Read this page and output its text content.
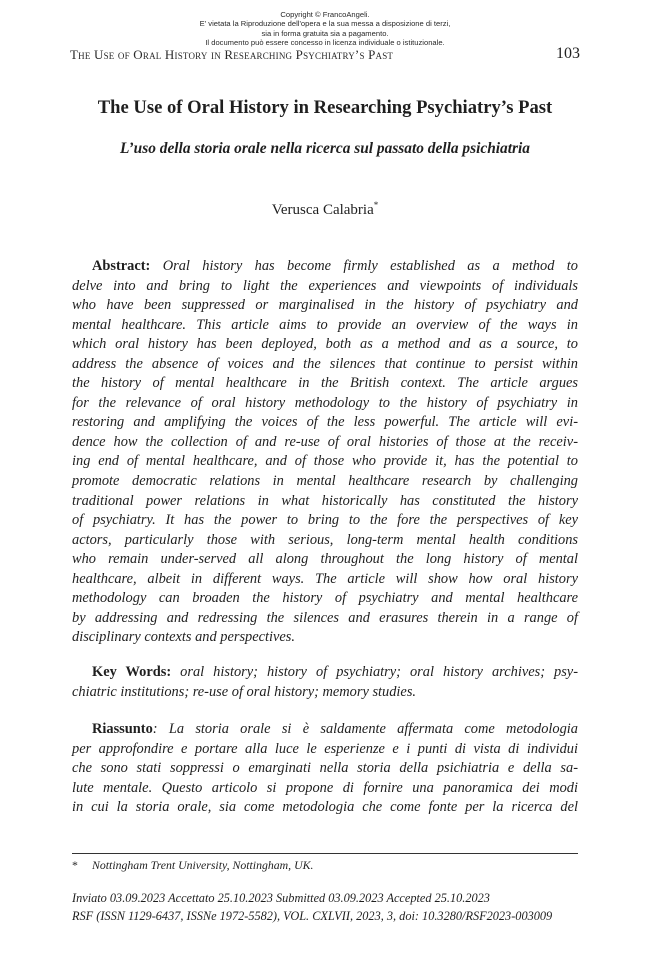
Copyright © FrancoAngeli.
E' vietata la Riproduzione dell'opera e la sua messa a disposizione di terzi,
sia in forma gratuita sia a pagamento.
Il documento può essere concesso in licenza individuale o istituzionale.
The Use of Oral History in Researching Psychiatry’s Past	103
The Use of Oral History in Researching Psychiatry’s Past
L’uso della storia orale nella ricerca sul passato della psichiatria
Verusca Calabria*
Abstract: Oral history has become firmly established as a method to
delve into and bring to light the experiences and viewpoints of individuals
who have been suppressed or marginalised in the history of psychiatry and
mental healthcare. This article aims to provide an overview of the ways in
which oral history has been deployed, both as a method and as a source, to
address the absence of voices and the silences that continue to persist within
the history of mental healthcare in the British context. The article argues
for the relevance of oral history methodology to the history of psychiatry in
restoring and amplifying the voices of the less powerful. The article will evi-
dence how the collection of and re-use of oral histories of those at the receiv-
ing end of mental healthcare, and of those who provide it, has the potential to
promote democratic relations in mental healthcare research by challenging
traditional power relations in what historically has constituted the history
of psychiatry. It has the power to bring to the fore the perspectives of key
actors, particularly those with serious, long-term mental health conditions
who remain under-served all along throughout the long history of mental
healthcare, albeit in different ways. The article will show how oral history
methodology can broaden the history of psychiatry and mental healthcare
by addressing and redressing the silences and erasures therein in a range of
disciplinary contexts and perspectives.
Key Words: oral history; history of psychiatry; oral history archives; psy-
chiatric institutions; re-use of oral history; memory studies.
Riassunto: La storia orale si è saldamente affermata come metodologia
per approfondire e portare alla luce le esperienze e i punti di vista di individui
che sono stati soppressi o emarginati nella storia della psichiatria e della sa-
lute mentale. Questo articolo si propone di fornire una panoramica dei modi
in cui la storia orale, sia come metodologia che come fonte per la ricerca del
* Nottingham Trent University, Nottingham, UK.
Inviato 03.09.2023 Accettato 25.10.2023 Submitted 03.09.2023 Accepted 25.10.2023
RSF (ISSN 1129-6437, ISSNe 1972-5582), VOL. CXLVII, 2023, 3, doi: 10.3280/RSF2023-003009
